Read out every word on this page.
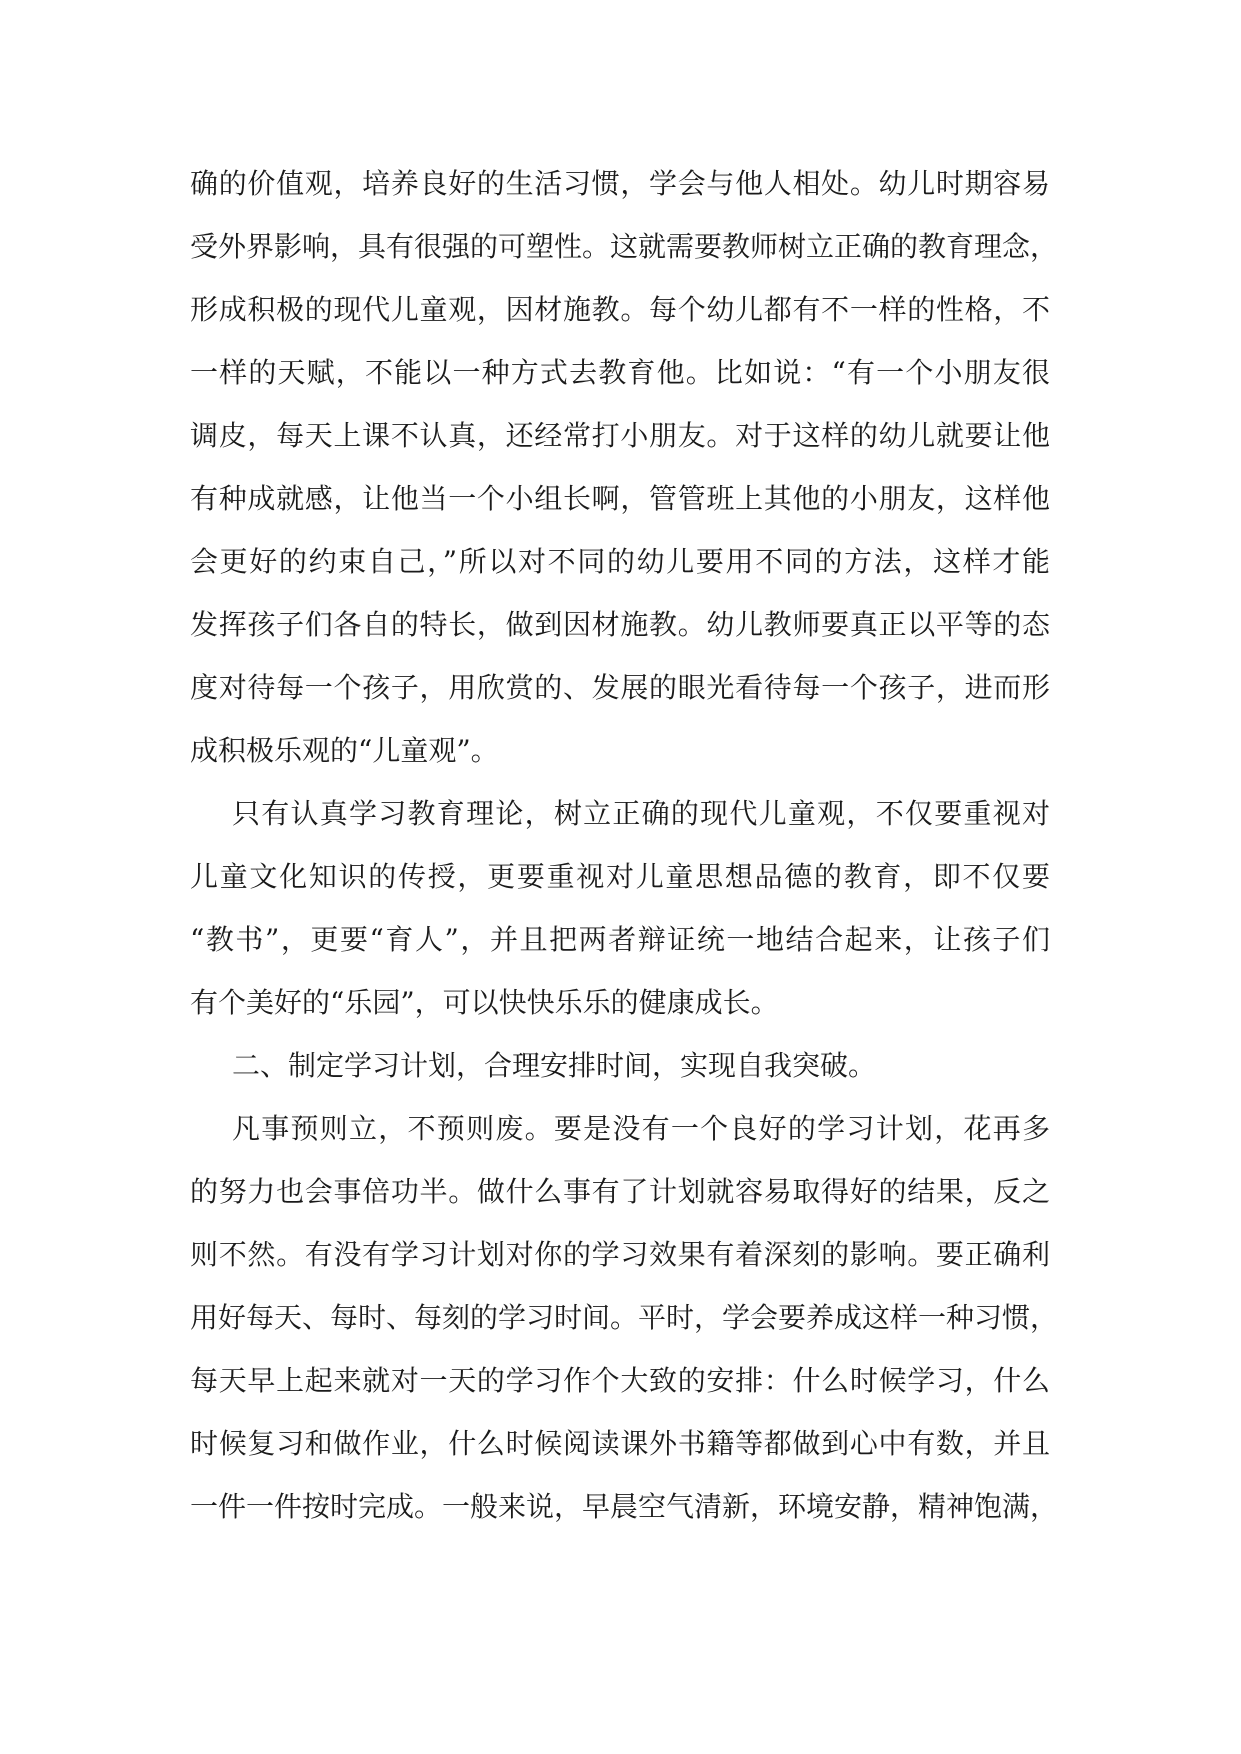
确的价值观，培养良好的生活习惯，学会与他人相处。幼儿时期容易
受外界影响，具有很强的可塑性。这就需要教师树立正确的教育理念，
形成积极的现代儿童观，因材施教。每个幼儿都有不一样的性格，不
一样的天赋，不能以一种方式去教育他。比如说：“有一个小朋友很
调皮，每天上课不认真，还经常打小朋友。对于这样的幼儿就要让他
有种成就感，让他当一个小组长啊，管管班上其他的小朋友，这样他
会更好的约束自己，”所以对不同的幼儿要用不同的方法，这样才能
发挥孩子们各自的特长，做到因材施教。幼儿教师要真正以平等的态
度对待每一个孩子，用欣赏的、发展的眼光看待每一个孩子，进而形
成积极乐观的“儿童观”。
只有认真学习教育理论，树立正确的现代儿童观，不仅要重视对
儿童文化知识的传授，更要重视对儿童思想品德的教育，即不仅要
“教书”，更要“育人”，并且把两者辩证统一地结合起来，让孩子们
有个美好的“乐园”，可以快快乐乐的健康成长。
二、制定学习计划，合理安排时间，实现自我突破。
凡事预则立，不预则废。要是没有一个良好的学习计划，花再多
的努力也会事倍功半。做什么事有了计划就容易取得好的结果，反之
则不然。有没有学习计划对你的学习效果有着深刻的影响。要正确利
用好每天、每时、每刻的学习时间。平时，学会要养成这样一种习惯，
每天早上起来就对一天的学习作个大致的安排：什么时候学习，什么
时候复习和做作业，什么时候阅读课外书籍等都做到心中有数，并且
一件一件按时完成。一般来说，早晨空气清新，环境安静，精神饱满，
